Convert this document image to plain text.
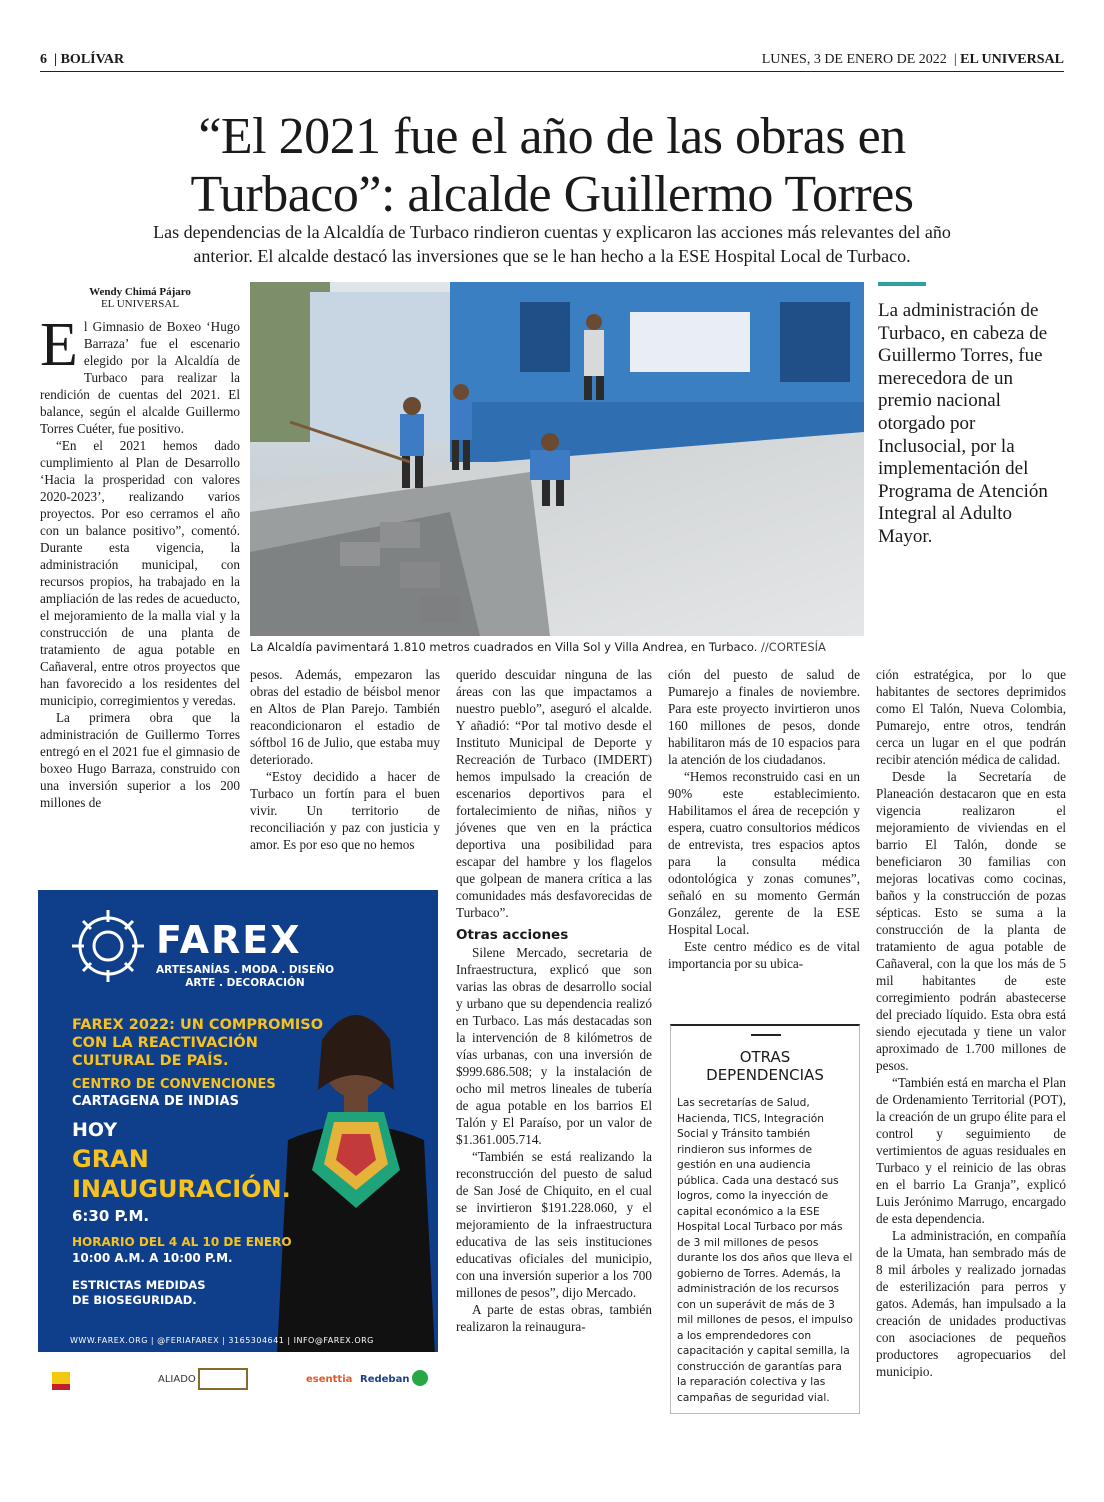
6  | BOLÍVAR	LUNES, 3 DE ENERO DE 2022  | EL UNIVERSAL
“El 2021 fue el año de las obras en
Turbaco”: alcalde Guillermo Torres
Las dependencias de la Alcaldía de Turbaco rindieron cuentas y explicaron las acciones más relevantes del año
anterior. El alcalde destacó las inversiones que se le han hecho a la ESE Hospital Local de Turbaco.
Wendy Chimá Pájaro
EL UNIVERSAL

El Gimnasio de Boxeo ‘Hugo Barraza’ fue el escenario elegido por la Alcaldía de Turbaco para realizar la rendición de cuentas del 2021. El balance, según el alcalde Guillermo Torres Cuéter, fue positivo.

“En el 2021 hemos dado cumplimiento al Plan de Desarrollo ‘Hacia la prosperidad con valores 2020-2023’, realizando varios proyectos. Por eso cerramos el año con un balance positivo”, comentó. Durante esta vigencia, la administración municipal, con recursos propios, ha trabajado en la ampliación de las redes de acueducto, el mejoramiento de la malla vial y la construcción de una planta de tratamiento de agua potable en Cañaveral, entre otros proyectos que han favorecido a los residentes del municipio, corregimientos y veredas.

La primera obra que la administración de Guillermo Torres entregó en el 2021 fue el gimnasio de boxeo Hugo Barraza, construido con una inversión superior a los 200 millones de

La Alcaldía pavimentará 1.810 metros cuadrados en Villa Sol y Villa Andrea, en Turbaco. //CORTESÍA
La administración de Turbaco, en cabeza de Guillermo Torres, fue merecedora de un premio nacional otorgado por Inclusocial, por la implementación del Programa de Atención Integral al Adulto Mayor.

pesos. Además, empezaron las obras del estadio de béisbol menor en Altos de Plan Parejo. También reacondicionaron el estadio de sóftbol 16 de Julio, que estaba muy deteriorado.

“Estoy decidido a hacer de Turbaco un fortín para el buen vivir. Un territorio de reconciliación y paz con justicia y amor. Es por eso que no hemos

querido descuidar ninguna de las áreas con las que impactamos a nuestro pueblo”, aseguró el alcalde. Y añadió: “Por tal motivo desde el Instituto Municipal de Deporte y Recreación de Turbaco (IMDERT) hemos impulsado la creación de escenarios deportivos para el fortalecimiento de niñas, niños y jóvenes que ven en la práctica deportiva una posibilidad para escapar del hambre y los flagelos que golpean de manera crítica a las comunidades más desfavorecidas de Turbaco”.

Otras acciones

Silene Mercado, secretaria de Infraestructura, explicó que son varias las obras de desarrollo social y urbano que su dependencia realizó en Turbaco. Las más destacadas son la intervención de 8 kilómetros de vías urbanas, con una inversión de $999.686.508; y la instalación de ocho mil metros lineales de tubería de agua potable en los barrios El Talón y El Paraíso, por un valor de $1.361.005.714.

“También se está realizando la reconstrucción del puesto de salud de San José de Chiquito, en el cual se invirtieron $191.228.060, y el mejoramiento de la infraestructura educativa de las seis instituciones educativas oficiales del municipio, con una inversión superior a los 700 millones de pesos”, dijo Mercado.

A parte de estas obras, también realizaron la reinaugura-

ción del puesto de salud de Pumarejo a finales de noviembre. Para este proyecto invirtieron unos 160 millones de pesos, donde habilitaron más de 10 espacios para la atención de los ciudadanos.

“Hemos reconstruido casi en un 90% este establecimiento. Habilitamos el área de recepción y espera, cuatro consultorios médicos de entrevista, tres espacios aptos para la consulta médica odontológica y zonas comunes”, señaló en su momento Germán González, gerente de la ESE Hospital Local.

Este centro médico es de vital importancia por su ubica-

ción estratégica, por lo que habitantes de sectores deprimidos como El Talón, Nueva Colombia, Pumarejo, entre otros, tendrán cerca un lugar en el que podrán recibir atención médica de calidad.

Desde la Secretaría de Planeación destacaron que en esta vigencia realizaron el mejoramiento de viviendas en el barrio El Talón, donde se beneficiaron 30 familias con mejoras locativas como cocinas, baños y la construcción de pozas sépticas. Esto se suma a la construcción de la planta de tratamiento de agua potable de Cañaveral, con la que los más de 5 mil habitantes de este corregimiento podrán abastecerse del preciado líquido. Esta obra está siendo ejecutada y tiene un valor aproximado de 1.700 millones de pesos.

“También está en marcha el Plan de Ordenamiento Territorial (POT), la creación de un grupo élite para el control y seguimiento de vertimientos de aguas residuales en Turbaco y el reinicio de las obras en el barrio La Granja”, explicó Luis Jerónimo Marrugo, encargado de esta dependencia.

La administración, en compañía de la Umata, han sembrado más de 8 mil árboles y realizado jornadas de esterilización para perros y gatos. Además, han impulsado a la creación de unidades productivas con asociaciones de pequeños productores agropecuarios del municipio.

OTRAS
DEPENDENCIAS
Las secretarías de Salud, Hacienda, TICS, Integración Social y Tránsito también rindieron sus informes de gestión en una audiencia pública. Cada una destacó sus logros, como la inyección de capital económico a la ESE Hospital Local Turbaco por más de 3 mil millones de pesos durante los dos años que lleva el gobierno de Torres. Además, la administración de los recursos con un superávit de más de 3 mil millones de pesos, el impulso a los emprendedores con capacitación y capital semilla, la construcción de garantías para la reparación colectiva y las campañas de seguridad vial.
FAREX
ARTESANÍAS . MODA . DISEÑO
ARTE . DECORACIÓN
FAREX 2022: UN COMPROMISO
CON LA REACTIVACIÓN
CULTURAL DE PAÍS.
CENTRO DE CONVENCIONES
CARTAGENA DE INDIAS
HOY
GRAN
INAUGURACIÓN.
6:30 P.M.
HORARIO DEL 4 AL 10 DE ENERO
10:00 A.M. A 10:00 P.M.
ESTRICTAS MEDIDAS
DE BIOSEGURIDAD.
WWW.FAREX.ORG | @FERIAFAREX | 3165304641 | INFO@FAREX.ORG
ALIADO	esenttia Redeban
